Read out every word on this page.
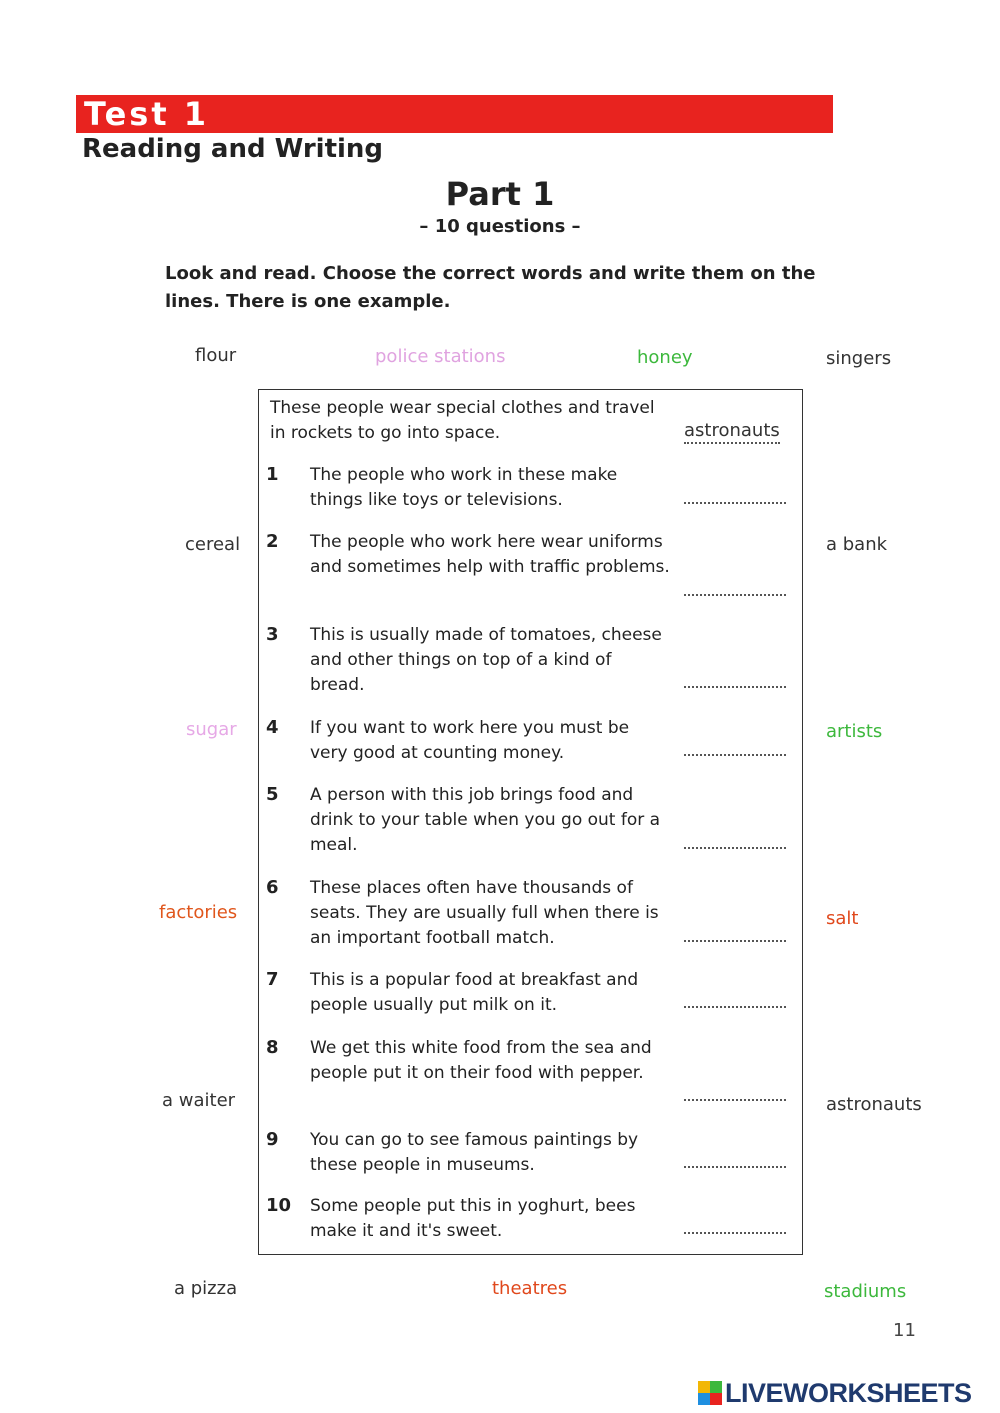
Test 1
Reading and Writing
Part 1
– 10 questions –
Look and read. Choose the correct words and write them on the lines. There is one example.
flour	police stations	honey	singers
cereal	a bank
sugar	artists
factories	salt
a waiter	astronauts
a pizza	theatres	stadiums
These people wear special clothes and travel in rockets to go into space.	astronauts
1	The people who work in these make things like toys or televisions.
2	The people who work here wear uniforms and sometimes help with traffic problems.
3	This is usually made of tomatoes, cheese and other things on top of a kind of bread.
4	If you want to work here you must be very good at counting money.
5	A person with this job brings food and drink to your table when you go out for a meal.
6	These places often have thousands of seats. They are usually full when there is an important football match.
7	This is a popular food at breakfast and people usually put milk on it.
8	We get this white food from the sea and people put it on their food with pepper.
9	You can go to see famous paintings by these people in museums.
10	Some people put this in yoghurt, bees make it and it's sweet.
11
LIVEWORKSHEETS
